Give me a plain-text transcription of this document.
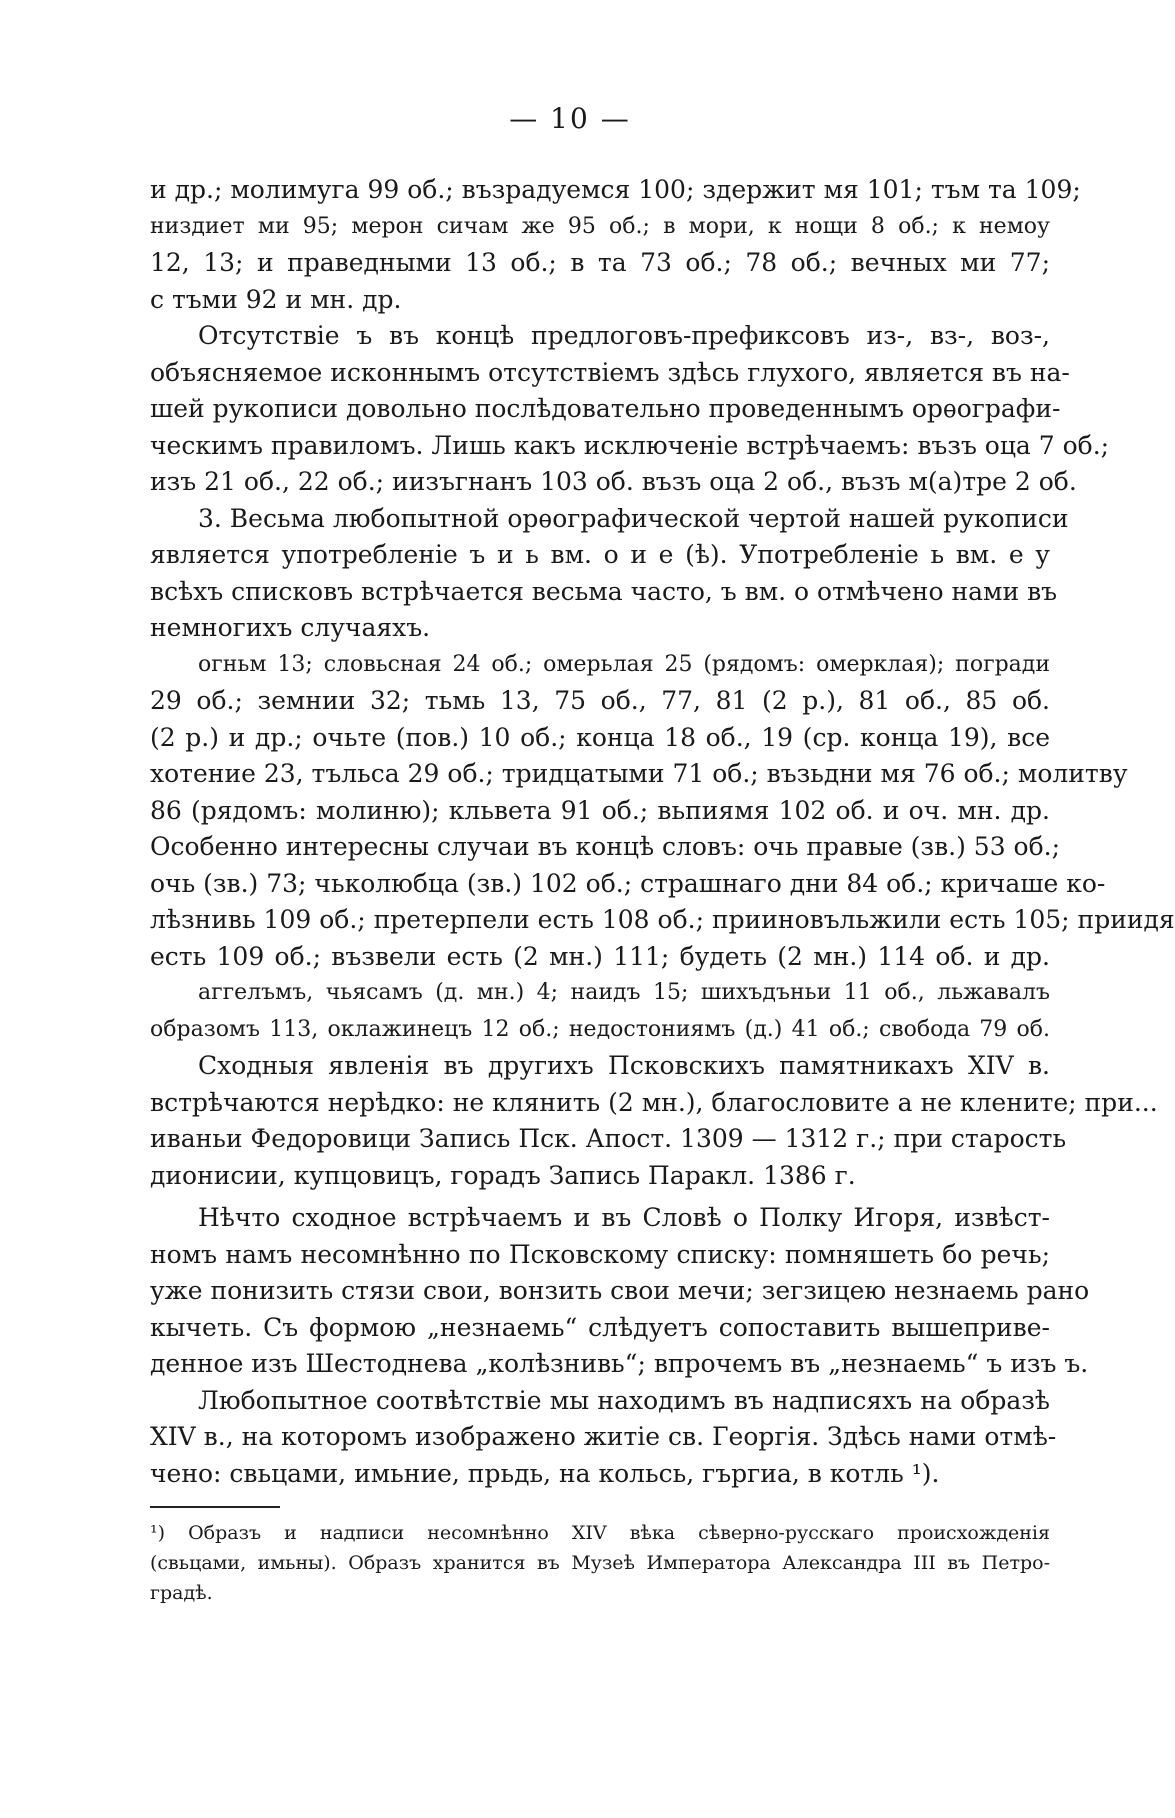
— 10 —
и др.; молимуга 99 об.; възрадуемся 100; здержит мя 101; тъм та 109;
низдиет ми 95; мерон сичам же 95 об.; в мори, к нощи 8 об.; к немоу
12, 13; и праведными 13 об.; в та 73 об.; 78 об.; вечных ми 77;
с тъми 92 и мн. др.
Отсутствіе ъ въ концѣ предлоговъ-префиксовъ из-, вз-, воз-,
объясняемое исконнымъ отсутствіемъ здѣсь глухого, является въ на-
шей рукописи довольно послѣдовательно проведеннымъ орѳографи-
ческимъ правиломъ. Лишь какъ исключеніе встрѣчаемъ: възъ оца 7 об.;
изъ 21 об., 22 об.; иизъгнанъ 103 об. възъ оца 2 об., възъ м(а)тре 2 об.
3. Весьма любопытной орѳографической чертой нашей рукописи
является употребленіе ъ и ь вм. о и е (ѣ). Употребленіе ь вм. е у
всѣхъ списковъ встрѣчается весьма часто, ъ вм. о отмѣчено нами въ
немногихъ случаяхъ.
огньм 13; словьсная 24 об.; омерьлая 25 (рядомъ: омерклая); погради
29 об.; земнии 32; тьмь 13, 75 об., 77, 81 (2 р.), 81 об., 85 об.
(2 р.) и др.; очьте (пов.) 10 об.; конца 18 об., 19 (ср. конца 19), все
хотение 23, тъльса 29 об.; тридцатыми 71 об.; възьдни мя 76 об.; молитву
86 (рядомъ: молиню); кльвета 91 об.; вьпиямя 102 об. и оч. мн. др.
Особенно интересны случаи въ концѣ словъ: очь правые (зв.) 53 об.;
очь (зв.) 73; чьколюбца (зв.) 102 об.; страшнаго дни 84 об.; кричаше ко-
лѣзнивь 109 об.; претерпели есть 108 об.; прииновъльжили есть 105; приидя
есть 109 об.; възвели есть (2 мн.) 111; будеть (2 мн.) 114 об. и др.
аггелъмъ, чьясамъ (д. мн.) 4; наидъ 15; шихъдъньи 11 об., льжавалъ
образомъ 113, оклажинецъ 12 об.; недостониямъ (д.) 41 об.; свобода 79 об.
Сходныя явленія въ другихъ Псковскихъ памятникахъ XIV в.
встрѣчаются нерѣдко: не клянить (2 мн.), благословите а не клените; при...
иваньи Федоровици Запись Пск. Апост. 1309 — 1312 г.; при старость
дионисии, купцовицъ, горадъ Запись Паракл. 1386 г.
Нѣчто сходное встрѣчаемъ и въ Словѣ о Полку Игоря, извѣст-
номъ намъ несомнѣнно по Псковскому списку: помняшеть бо речь;
уже понизить стязи свои, вонзить свои мечи; зегзицею незнаемь рано
кычеть. Съ формою „незнаемь“ слѣдуетъ сопоставить вышеприве-
денное изъ Шестоднева „колѣзнивь“; впрочемъ въ „незнаемь“ ъ изъ ъ.
Любопытное соотвѣтствіе мы находимъ въ надписяхъ на образѣ
XIV в., на которомъ изображено житіе св. Георгія. Здѣсь нами отмѣ-
чено: свьцами, имьние, прьдь, на кольсь, гъргиа, в котль ¹).
¹) Образъ и надписи несомнѣнно XIV вѣка сѣверно-русскаго происхожденія
(свьцами, имьны). Образъ хранится въ Музеѣ Императора Александра III въ Петро-
градѣ.
